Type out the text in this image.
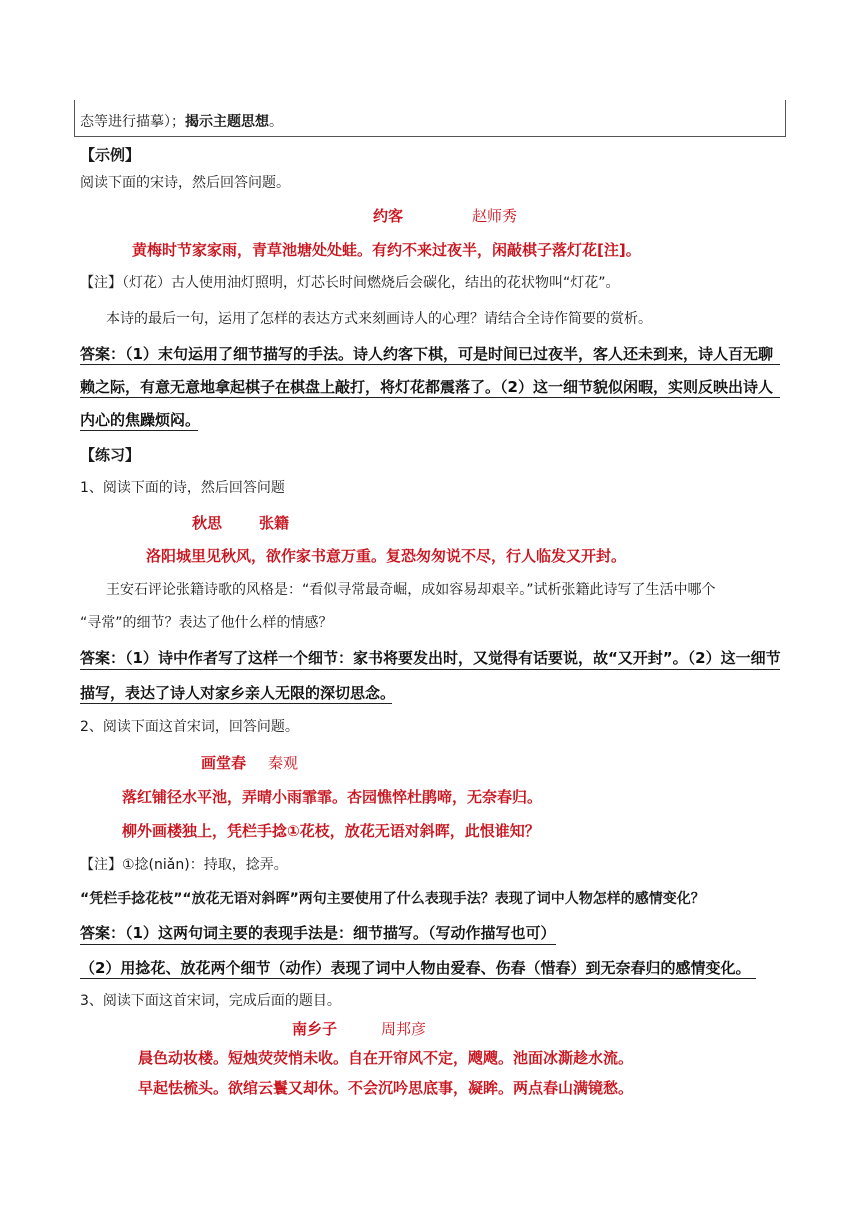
态等进行描摹）；揭示主题思想。
【示例】
阅读下面的宋诗，然后回答问题。
约客	赵师秀
黄梅时节家家雨，青草池塘处处蛙。有约不来过夜半，闲敲棋子落灯花[注]。
【注】（灯花）古人使用油灯照明，灯芯长时间燃烧后会碳化，结出的花状物叫“灯花”。
本诗的最后一句，运用了怎样的表达方式来刻画诗人的心理？请结合全诗作简要的赏析。
答案：（1）末句运用了细节描写的手法。诗人约客下棋，可是时间已过夜半，客人还未到来，诗人百无聊
赖之际，有意无意地拿起棋子在棋盘上敲打，将灯花都震落了。（2）这一细节貌似闲暇，实则反映出诗人
内心的焦躁烦闷。
【练习】
1、阅读下面的诗，然后回答问题
秋思 张籍
洛阳城里见秋风，欲作家书意万重。复恐匆匆说不尽，行人临发又开封。
王安石评论张籍诗歌的风格是：“看似寻常最奇崛，成如容易却艰辛。”试析张籍此诗写了生活中哪个
“寻常”的细节？表达了他什么样的情感？
答案：（1）诗中作者写了这样一个细节：家书将要发出时，又觉得有话要说，故“又开封”。（2）这一细节
描写，表达了诗人对家乡亲人无限的深切思念。
2、阅读下面这首宋词，回答问题。
画堂春 秦观
落红铺径水平池，弄晴小雨霏霏。杏园憔悴杜鹃啼，无奈春归。
柳外画楼独上，凭栏手捻①花枝，放花无语对斜晖，此恨谁知？
【注】①捻(niǎn)：持取，捻弄。
“凭栏手捻花枝”“放花无语对斜晖”两句主要使用了什么表现手法？表现了词中人物怎样的感情变化？
答案：（1）这两句词主要的表现手法是：细节描写。（写动作描写也可）
（2）用捻花、放花两个细节（动作）表现了词中人物由爱春、伤春（惜春）到无奈春归的感情变化。
3、阅读下面这首宋词，完成后面的题目。
南乡子	周邦彦
晨色动妆楼。短烛荧荧悄未收。自在开帘风不定，飕飕。池面冰澌趁水流。
早起怯梳头。欲绾云鬟又却休。不会沉吟思底事，凝眸。两点春山满镜愁。
